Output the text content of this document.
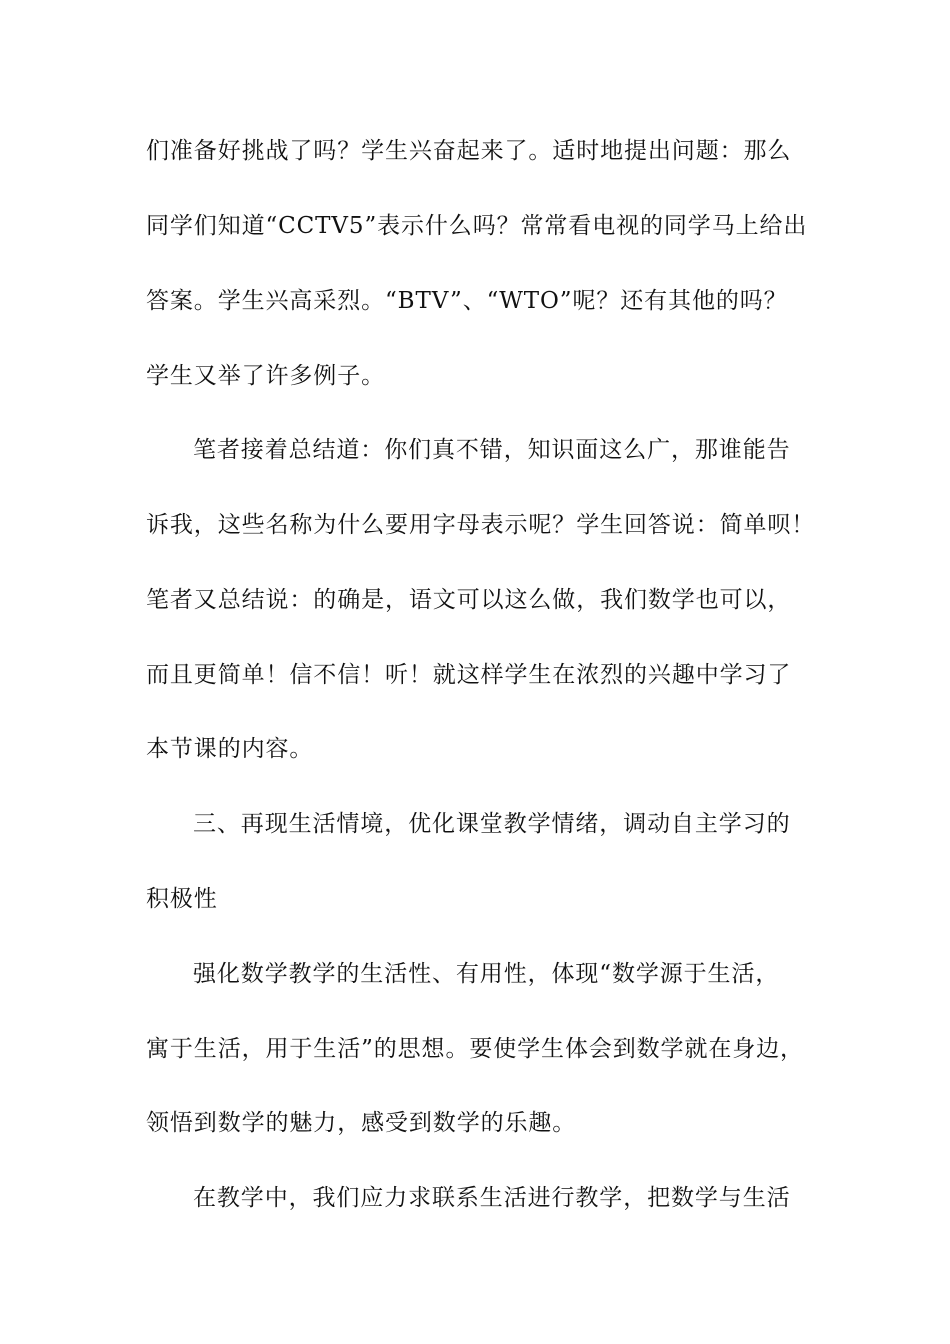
们准备好挑战了吗？学生兴奋起来了。适时地提出问题：那么
同学们知道“CCTV5”表示什么吗？常常看电视的同学马上给出
答案。学生兴高采烈。“BTV”、“WTO”呢？还有其他的吗？
学生又举了许多例子。
笔者接着总结道：你们真不错，知识面这么广，那谁能告
诉我，这些名称为什么要用字母表示呢？学生回答说：简单呗！
笔者又总结说：的确是，语文可以这么做，我们数学也可以，
而且更简单！信不信！听！就这样学生在浓烈的兴趣中学习了
本节课的内容。
三、再现生活情境，优化课堂教学情绪，调动自主学习的
积极性
强化数学教学的生活性、有用性，体现“数学源于生活，
寓于生活，用于生活”的思想。要使学生体会到数学就在身边，
领悟到数学的魅力，感受到数学的乐趣。
在教学中，我们应力求联系生活进行教学，把数学与生活
